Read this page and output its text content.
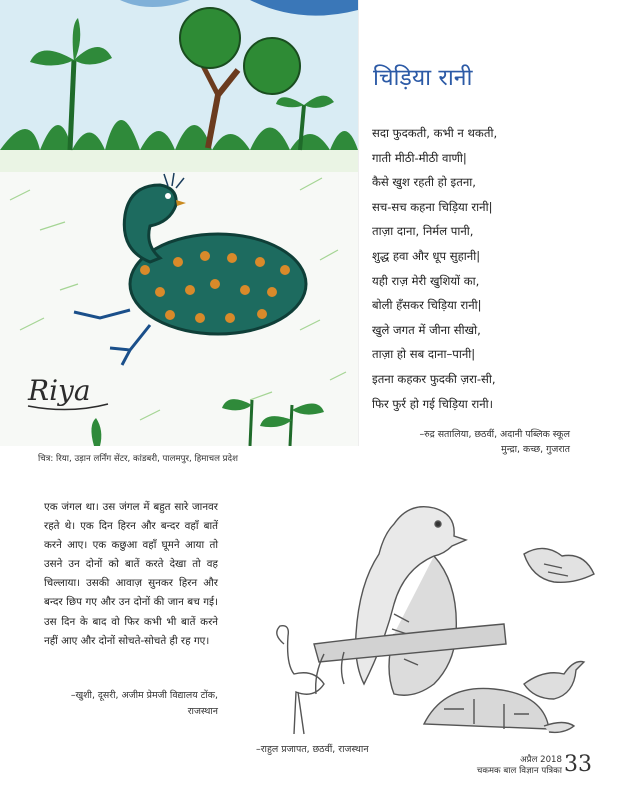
Riya
चित्र: रिया, उड़ान लर्निंग सेंटर, कांडबरी, पालमपुर, हिमाचल प्रदेश
चिड़िया रानी
सदा फुदकती, कभी न थकती,
गाती मीठी-मीठी वाणी|
कैसे खुश रहती हो इतना,
सच-सच कहना चिड़िया रानी|
ताज़ा दाना, निर्मल पानी,
शुद्ध हवा और धूप सुहानी|
यही राज़ मेरी खुशियों का,
बोली हँसकर चिड़िया रानी|
खुले जगत में जीना सीखो,
ताज़ा हो सब दाना–पानी|
इतना कहकर फुदकी ज़रा-सी,
फिर फुर्र हो गई चिड़िया रानी।
–रुद्र सतालिया, छठवीं, अदानी पब्लिक स्कूल
मुन्द्रा, कच्छ, गुजरात

एक जंगल था। उस जंगल में बहुत सारे जानवर रहते थे। एक दिन हिरन और बन्दर वहाँ बातें करने आए। एक कछुआ वहाँ घूमने आया तो उसने उन दोनों को बातें करते देखा तो वह चिल्लाया। उसकी आवाज़ सुनकर हिरन और बन्दर छिप गए और उन दोनों की जान बच गई। उस दिन के बाद वो फिर कभी भी बातें करने नहीं आए और दोनों सोचते-सोचते ही रह गए।

–खुशी, दूसरी, अजीम प्रेमजी विद्यालय टोंक,
राजस्थान
–राहुल प्रजापत, छठवीं, राजस्थान
अप्रैल 2018
चकमक बाल विज्ञान पत्रिका 33
